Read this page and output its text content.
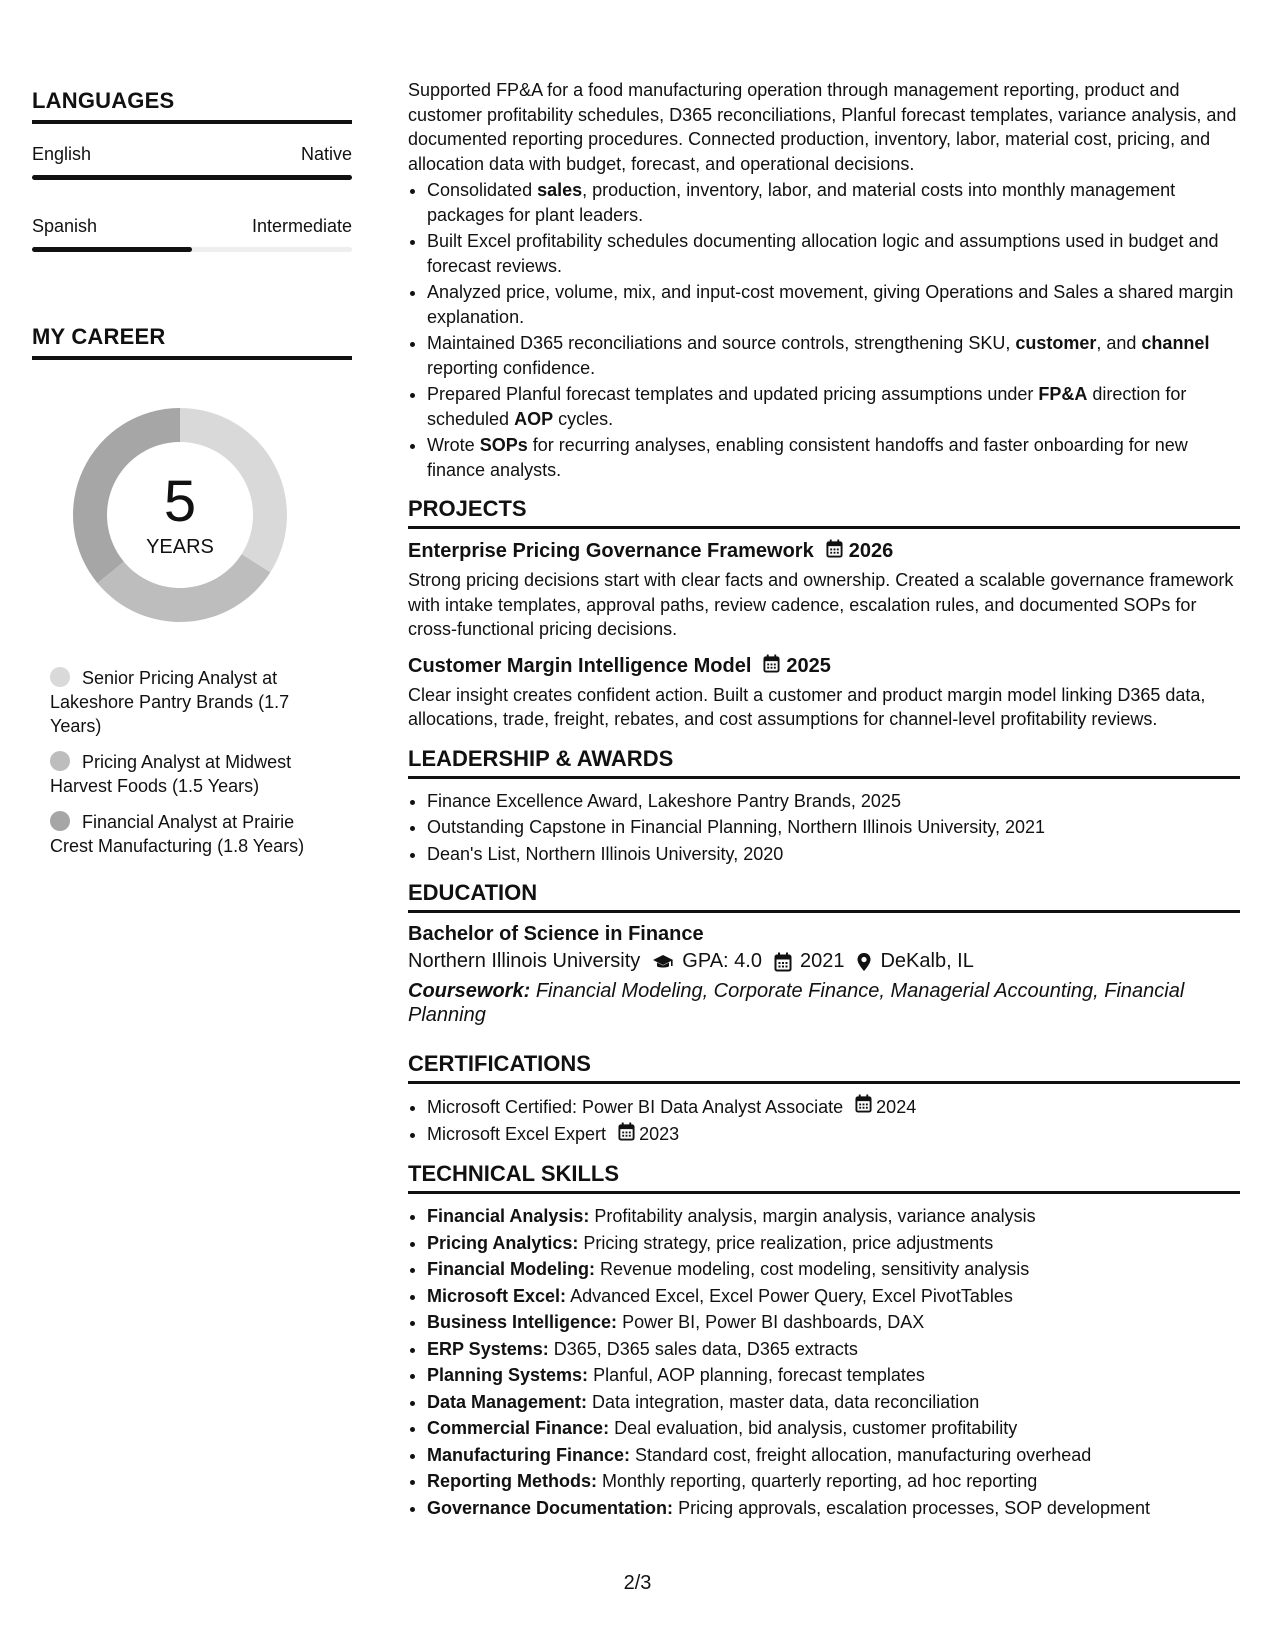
LANGUAGES
English	Native
Spanish	Intermediate
MY CAREER
5
YEARS
Senior Pricing Analyst at Lakeshore Pantry Brands (1.7 Years)
Pricing Analyst at Midwest Harvest Foods (1.5 Years)
Financial Analyst at Prairie Crest Manufacturing (1.8 Years)

Supported FP&A for a food manufacturing operation through management reporting, product and customer profitability schedules, D365 reconciliations, Planful forecast templates, variance analysis, and documented reporting procedures. Connected production, inventory, labor, material cost, pricing, and allocation data with budget, forecast, and operational decisions.

• Consolidated sales, production, inventory, labor, and material costs into monthly management packages for plant leaders.
• Built Excel profitability schedules documenting allocation logic and assumptions used in budget and forecast reviews.
• Analyzed price, volume, mix, and input-cost movement, giving Operations and Sales a shared margin explanation.
• Maintained D365 reconciliations and source controls, strengthening SKU, customer, and channel reporting confidence.
• Prepared Planful forecast templates and updated pricing assumptions under FP&A direction for scheduled AOP cycles.
• Wrote SOPs for recurring analyses, enabling consistent handoffs and faster onboarding for new finance analysts.
PROJECTS
Enterprise Pricing Governance Framework 2026

Strong pricing decisions start with clear facts and ownership. Created a scalable governance framework with intake templates, approval paths, review cadence, escalation rules, and documented SOPs for cross-functional pricing decisions.

Customer Margin Intelligence Model 2025

Clear insight creates confident action. Built a customer and product margin model linking D365 data, allocations, trade, freight, rebates, and cost assumptions for channel-level profitability reviews.

LEADERSHIP & AWARDS
• Finance Excellence Award, Lakeshore Pantry Brands, 2025
• Outstanding Capstone in Financial Planning, Northern Illinois University, 2021
• Dean's List, Northern Illinois University, 2020
EDUCATION
Bachelor of Science in Finance
Northern Illinois University GPA: 4.0 2021 DeKalb, IL

Coursework: Financial Modeling, Corporate Finance, Managerial Accounting, Financial Planning

CERTIFICATIONS
• Microsoft Certified: Power BI Data Analyst Associate 2024
• Microsoft Excel Expert 2023
TECHNICAL SKILLS
• Financial Analysis: Profitability analysis, margin analysis, variance analysis
• Pricing Analytics: Pricing strategy, price realization, price adjustments
• Financial Modeling: Revenue modeling, cost modeling, sensitivity analysis
• Microsoft Excel: Advanced Excel, Excel Power Query, Excel PivotTables
• Business Intelligence: Power BI, Power BI dashboards, DAX
• ERP Systems: D365, D365 sales data, D365 extracts
• Planning Systems: Planful, AOP planning, forecast templates
• Data Management: Data integration, master data, data reconciliation
• Commercial Finance: Deal evaluation, bid analysis, customer profitability
• Manufacturing Finance: Standard cost, freight allocation, manufacturing overhead
• Reporting Methods: Monthly reporting, quarterly reporting, ad hoc reporting
• Governance Documentation: Pricing approvals, escalation processes, SOP development
2/3
